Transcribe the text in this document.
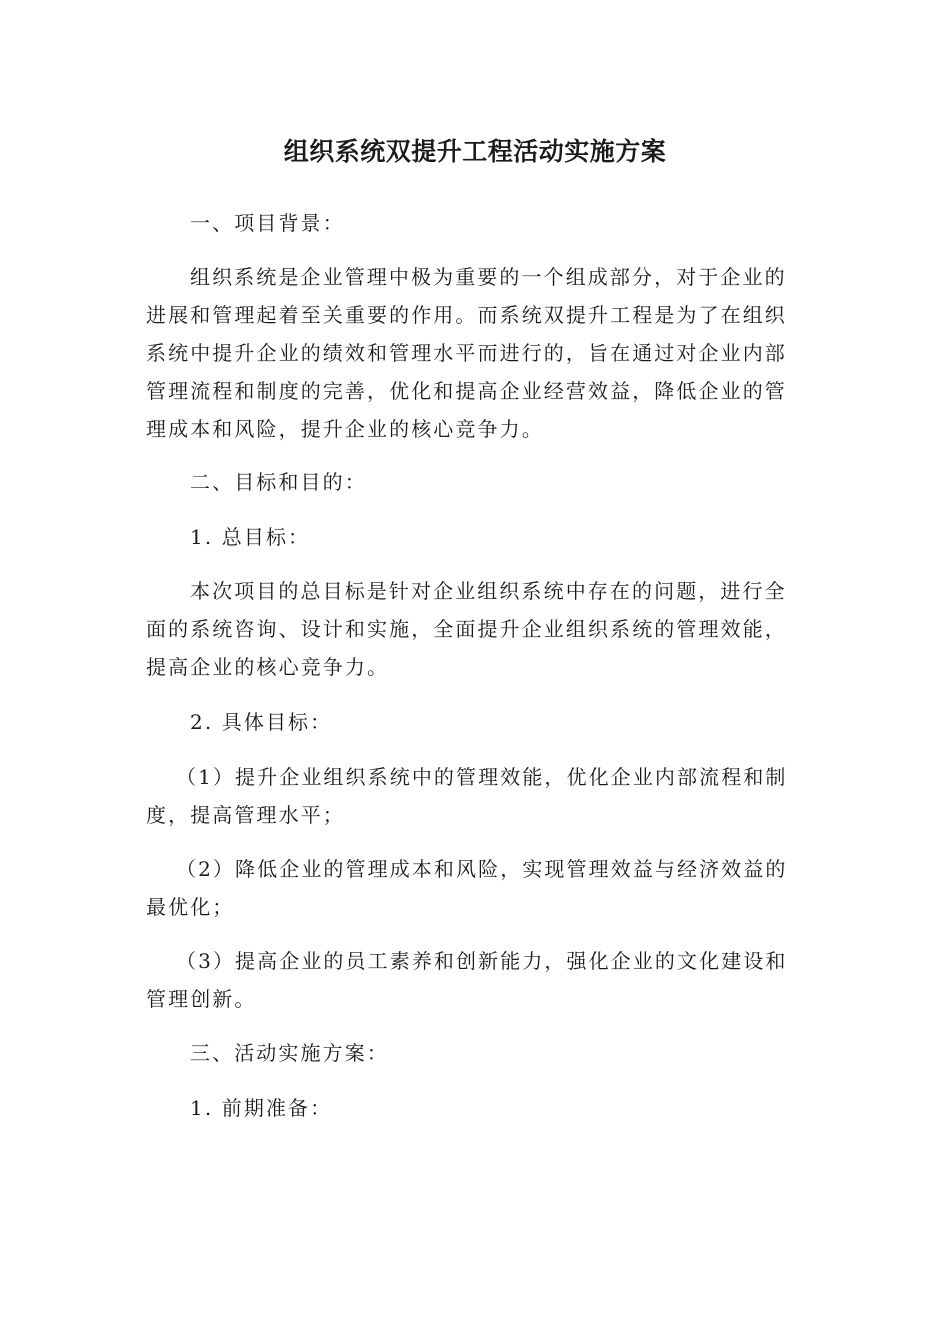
组织系统双提升工程活动实施方案

一、项目背景：

组织系统是企业管理中极为重要的一个组成部分，对于企业的进展和管理起着至关重要的作用。而系统双提升工程是为了在组织系统中提升企业的绩效和管理水平而进行的，旨在通过对企业内部管理流程和制度的完善，优化和提高企业经营效益，降低企业的管理成本和风险，提升企业的核心竞争力。

二、目标和目的：

1. 总目标：

本次项目的总目标是针对企业组织系统中存在的问题，进行全面的系统咨询、设计和实施，全面提升企业组织系统的管理效能，提高企业的核心竞争力。

2. 具体目标：

（1）提升企业组织系统中的管理效能，优化企业内部流程和制度，提高管理水平；

（2）降低企业的管理成本和风险，实现管理效益与经济效益的最优化；

（3）提高企业的员工素养和创新能力，强化企业的文化建设和管理创新。

三、活动实施方案：

1. 前期准备：
